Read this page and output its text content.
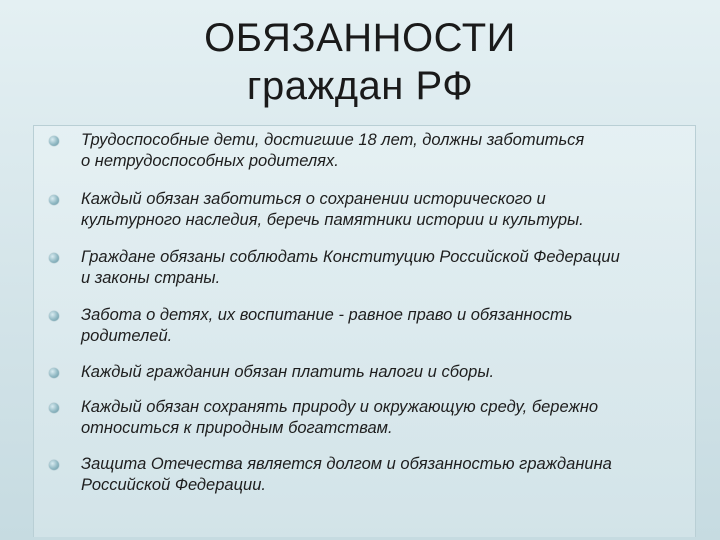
ОБЯЗАННОСТИ
граждан РФ
Трудоспособные дети, достигшие 18 лет, должны заботиться
о нетрудоспособных родителях.
Каждый обязан заботиться о сохранении исторического и
культурного наследия, беречь памятники истории и культуры.
Граждане обязаны соблюдать Конституцию Российской Федерации
и законы страны.
Забота о детях, их воспитание - равное право и обязанность
родителей.
Каждый гражданин обязан платить налоги и сборы.
Каждый обязан сохранять природу и окружающую среду, бережно
относиться к природным богатствам.
Защита Отечества является долгом и обязанностью гражданина
Российской Федерации.
